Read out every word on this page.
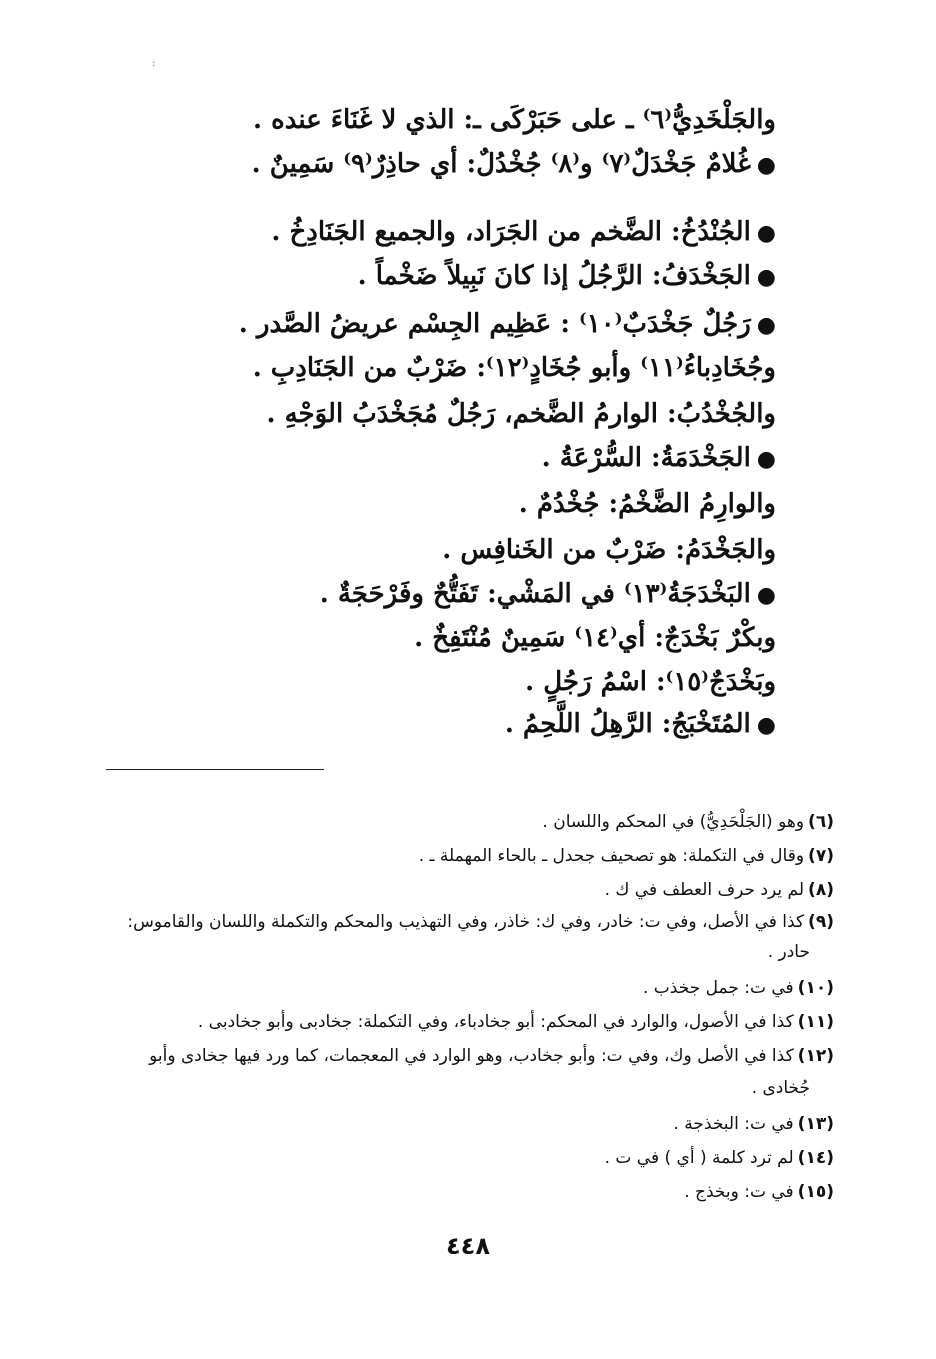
:
والجَلْخَدِيُّ⁽٦⁾ ـ على حَبَرْكَى ـ: الذي لا غَنَاءَ عنده .
●غُلامٌ جَخْدَلٌ⁽٧⁾ و⁽٨⁾ جُخْدُلٌ: أي حاذِرٌ⁽٩⁾ سَمِينٌ .
●الجُنْدُخُ: الضَّخم من الجَرَاد، والجميع الجَنَادِخُ .
●الجَخْدَفُ: الرَّجُلُ إذا كانَ نَبِيلاً ضَخْماً .
●رَجُلٌ جَخْدَبٌ⁽١٠⁾ : عَظِيم الجِسْم عريضُ الصَّدر .
وجُخَادِباءُ⁽١١⁾ وأبو جُخَادٍ⁽١٢⁾: ضَرْبٌ من الجَنَادِبِ .
والجُخْدُبُ: الوارمُ الضَّخم، رَجُلٌ مُجَخْدَبُ الوَجْهِ .
●الجَخْدَمَةُ: السُّرْعَةُ .
والوارِمُ الضَّخْمُ: جُخْدُمٌ .
والجَخْدَمُ: ضَرْبٌ من الخَنافِس .
●البَخْدَجَةُ⁽١٣⁾ في المَشْي: تَفَتُّحٌ وفَرْحَجَةٌ .
وبكْرٌ بَخْدَجٌ: أي⁽١٤⁾ سَمِينٌ مُنْتَفِخٌ .
وبَخْدَجٌ⁽١٥⁾: اسْمُ رَجُلٍ .
●المُتَخْبَجُ: الرَّهِلُ اللَّحِمُ .
(٦)وهو (الجَلْحَدِيُّ) في المحكم واللسان .
(٧)وقال في التكملة: هو تصحيف جحدل ـ بالحاء المهملة ـ .
(٨)لم يرد حرف العطف في ك .
(٩)كذا في الأصل، وفي ت: خادر، وفي ك: خاذر، وفي التهذيب والمحكم والتكملة واللسان والقاموس:
حادر .
(١٠)في ت: جمل جخذب .
(١١)كذا في الأصول، والوارد في المحكم: أبو جخادباء، وفي التكملة: جخادبى وأبو جخادبى .
(١٢)كذا في الأصل وك، وفي ت: وأبو جخادب، وهو الوارد في المعجمات، كما ورد فيها جخادى وأبو
جُخادى .
(١٣)في ت: البخذجة .
(١٤)لم ترد كلمة ( أي ) في ت .
(١٥)في ت: وبخذج .
٤٤٨
